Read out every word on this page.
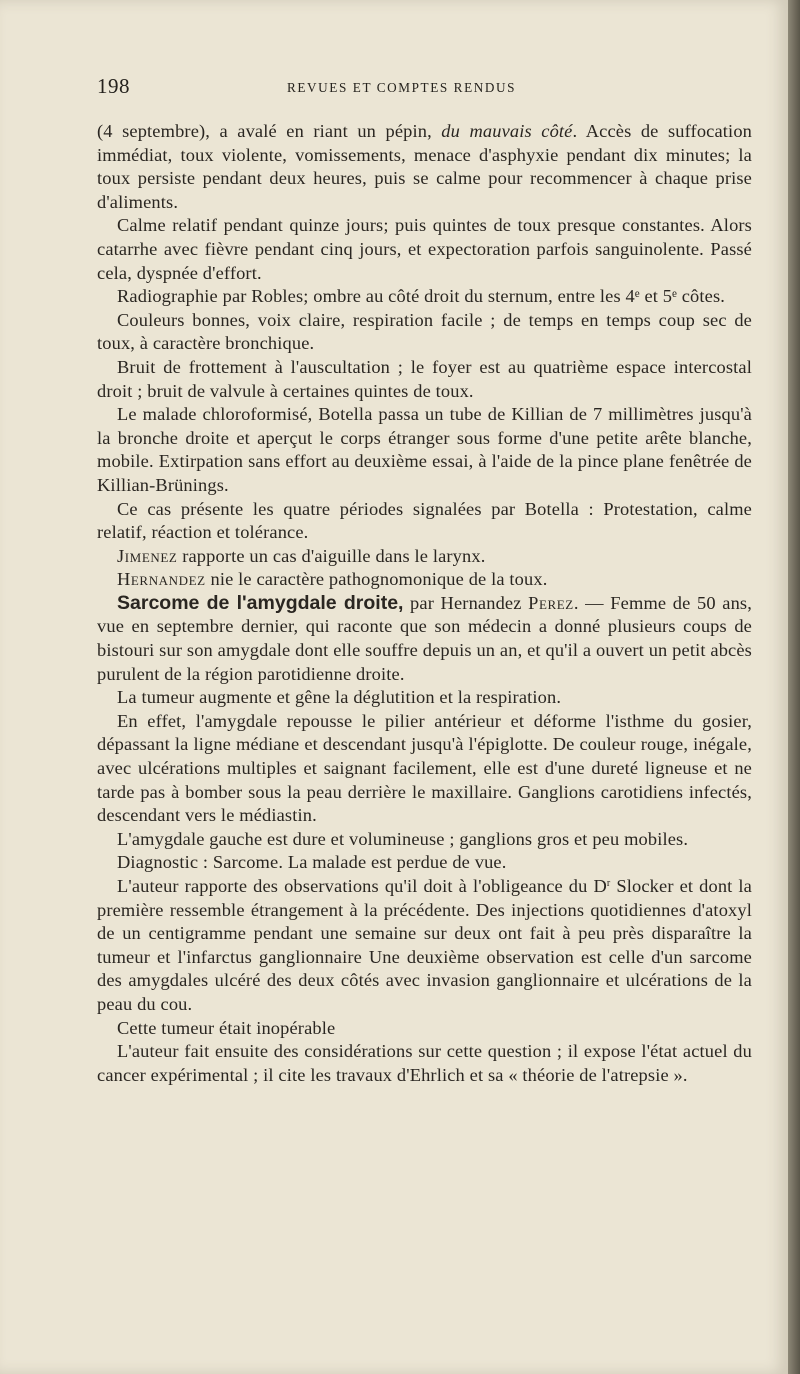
198	REVUES ET COMPTES RENDUS

(4 septembre), a avalé en riant un pépin, du mauvais côté. Accès de suffocation immédiat, toux violente, vomissements, menace d'asphyxie pendant dix minutes; la toux persiste pendant deux heures, puis se calme pour recommencer à chaque prise d'aliments.

Calme relatif pendant quinze jours; puis quintes de toux presque constantes. Alors catarrhe avec fièvre pendant cinq jours, et expectoration parfois sanguinolente. Passé cela, dyspnée d'effort.

Radiographie par Robles; ombre au côté droit du sternum, entre les 4ᵉ et 5ᵉ côtes.

Couleurs bonnes, voix claire, respiration facile ; de temps en temps coup sec de toux, à caractère bronchique.

Bruit de frottement à l'auscultation ; le foyer est au quatrième espace intercostal droit ; bruit de valvule à certaines quintes de toux.

Le malade chloroformisé, Botella passa un tube de Killian de 7 millimètres jusqu'à la bronche droite et aperçut le corps étranger sous forme d'une petite arête blanche, mobile. Extirpation sans effort au deuxième essai, à l'aide de la pince plane fenêtrée de Killian-Brünings.

Ce cas présente les quatre périodes signalées par Botella : Protestation, calme relatif, réaction et tolérance.

Jimenez rapporte un cas d'aiguille dans le larynx.

Hernandez nie le caractère pathognomonique de la toux.

Sarcome de l'amygdale droite, par Hernandez Perez. — Femme de 50 ans, vue en septembre dernier, qui raconte que son médecin a donné plusieurs coups de bistouri sur son amygdale dont elle souffre depuis un an, et qu'il a ouvert un petit abcès purulent de la région parotidienne droite.

La tumeur augmente et gêne la déglutition et la respiration.

En effet, l'amygdale repousse le pilier antérieur et déforme l'isthme du gosier, dépassant la ligne médiane et descendant jusqu'à l'épiglotte. De couleur rouge, inégale, avec ulcérations multiples et saignant facilement, elle est d'une dureté ligneuse et ne tarde pas à bomber sous la peau derrière le maxillaire. Ganglions carotidiens infectés, descendant vers le médiastin.

L'amygdale gauche est dure et volumineuse ; ganglions gros et peu mobiles.

Diagnostic : Sarcome. La malade est perdue de vue.

L'auteur rapporte des observations qu'il doit à l'obligeance du $D^r$ Slocker et dont la première ressemble étrangement à la précédente. Des injections quotidiennes d'atoxyl de un centigramme pendant une semaine sur deux ont fait à peu près disparaître la tumeur et l'infarctus ganglionnaire Une deuxième observation est celle d'un sarcome des amygdales ulcéré des deux côtés avec invasion ganglionnaire et ulcérations de la peau du cou.

Cette tumeur était inopérable

L'auteur fait ensuite des considérations sur cette question ; il expose l'état actuel du cancer expérimental ; il cite les travaux d'Ehrlich et sa « théorie de l'atrepsie ».
